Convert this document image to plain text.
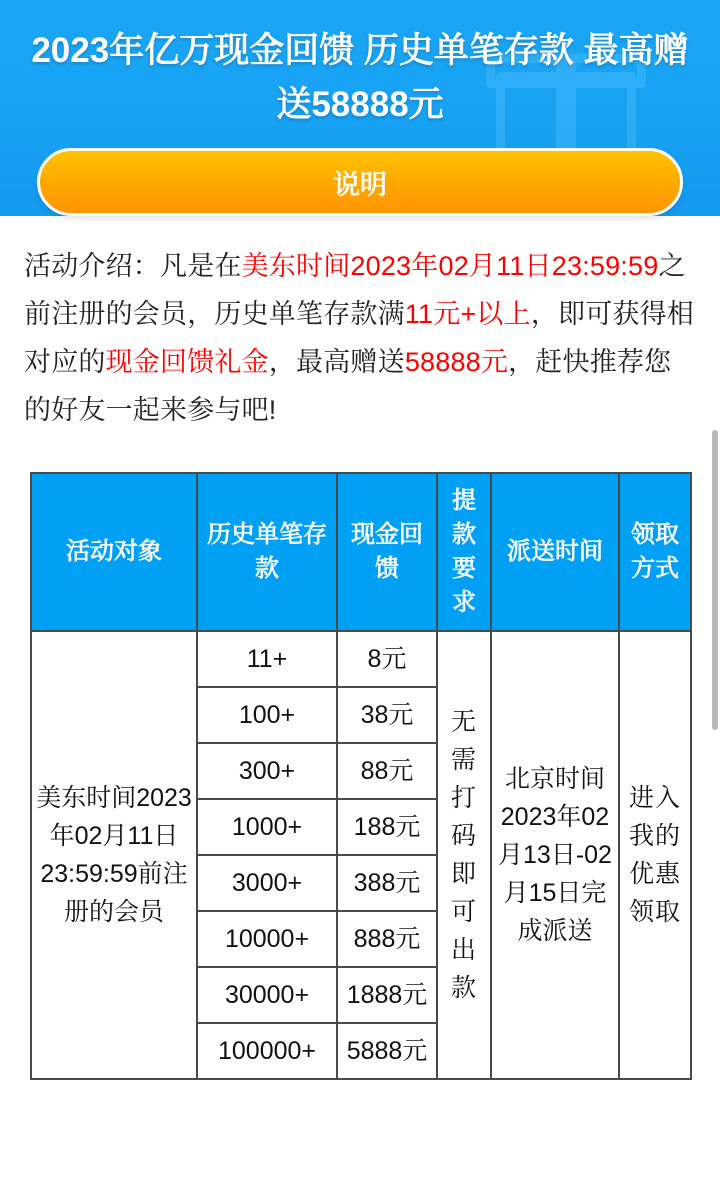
2023年亿万现金回馈 历史单笔存款 最高赠送58888元
说明
活动介绍：凡是在美东时间2023年02月11日23:59:59之前注册的会员，历史单笔存款满11元+以上，即可获得相对应的现金回馈礼金，最高赠送58888元，赶快推荐您的好友一起来参与吧!
活动对象	历史单笔存款	现金回馈	提款要求	派送时间	领取方式
美东时间2023年02月11日23:59:59前注册的会员	11+	8元	无需打码即可出款	北京时间2023年02月13日-02月15日完成派送	进入我的优惠领取
	100+	38元			
	300+	88元			
	1000+	188元			
	3000+	388元			
	10000+	888元			
	30000+	1888元			
	100000+	5888元			
